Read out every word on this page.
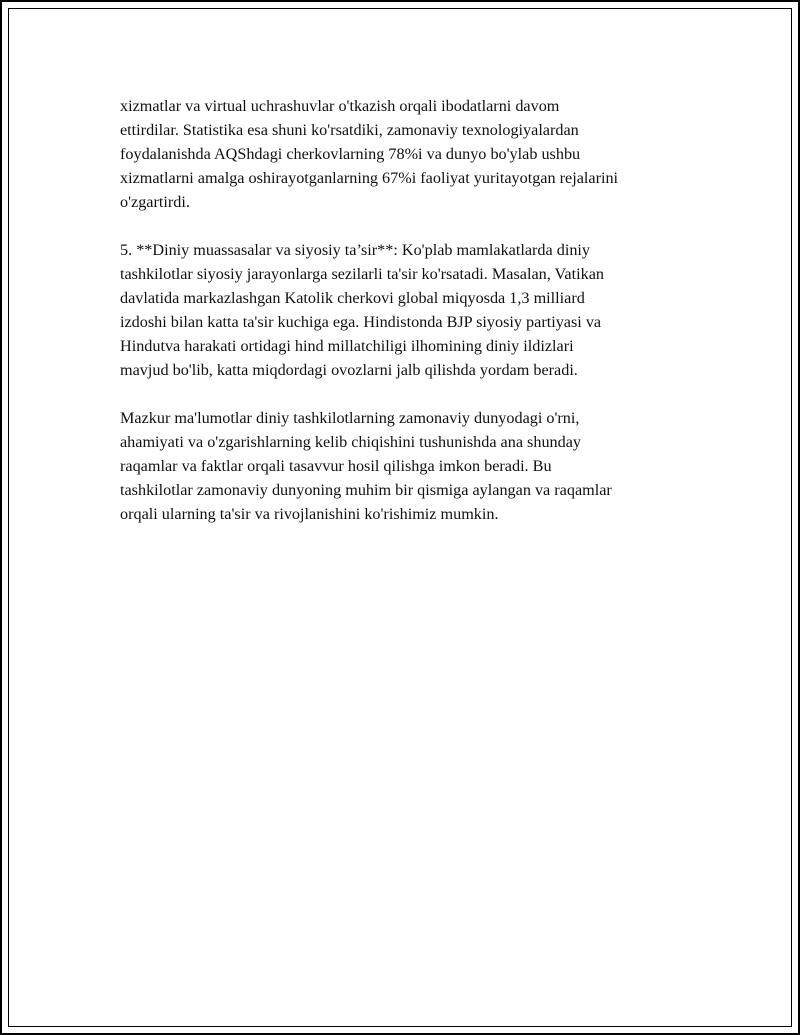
xizmatlar va virtual uchrashuvlar o'tkazish orqali ibodatlarni davom
ettirdilar. Statistika esa shuni ko'rsatdiki, zamonaviy texnologiyalardan
foydalanishda AQShdagi cherkovlarning 78%i va dunyo bo'ylab ushbu
xizmatlarni amalga oshirayotganlarning 67%i faoliyat yuritayotgan rejalarini
o'zgartirdi.

5. **Diniy muassasalar va siyosiy ta’sir**: Ko'plab mamlakatlarda diniy
tashkilotlar siyosiy jarayonlarga sezilarli ta'sir ko'rsatadi. Masalan, Vatikan
davlatida markazlashgan Katolik cherkovi global miqyosda 1,3 milliard
izdoshi bilan katta ta'sir kuchiga ega. Hindistonda BJP siyosiy partiyasi va
Hindutva harakati ortidagi hind millatchiligi ilhomining diniy ildizlari
mavjud bo'lib, katta miqdordagi ovozlarni jalb qilishda yordam beradi.

Mazkur ma'lumotlar diniy tashkilotlarning zamonaviy dunyodagi o'rni,
ahamiyati va o'zgarishlarning kelib chiqishini tushunishda ana shunday
raqamlar va faktlar orqali tasavvur hosil qilishga imkon beradi. Bu
tashkilotlar zamonaviy dunyoning muhim bir qismiga aylangan va raqamlar
orqali ularning ta'sir va rivojlanishini ko'rishimiz mumkin.
